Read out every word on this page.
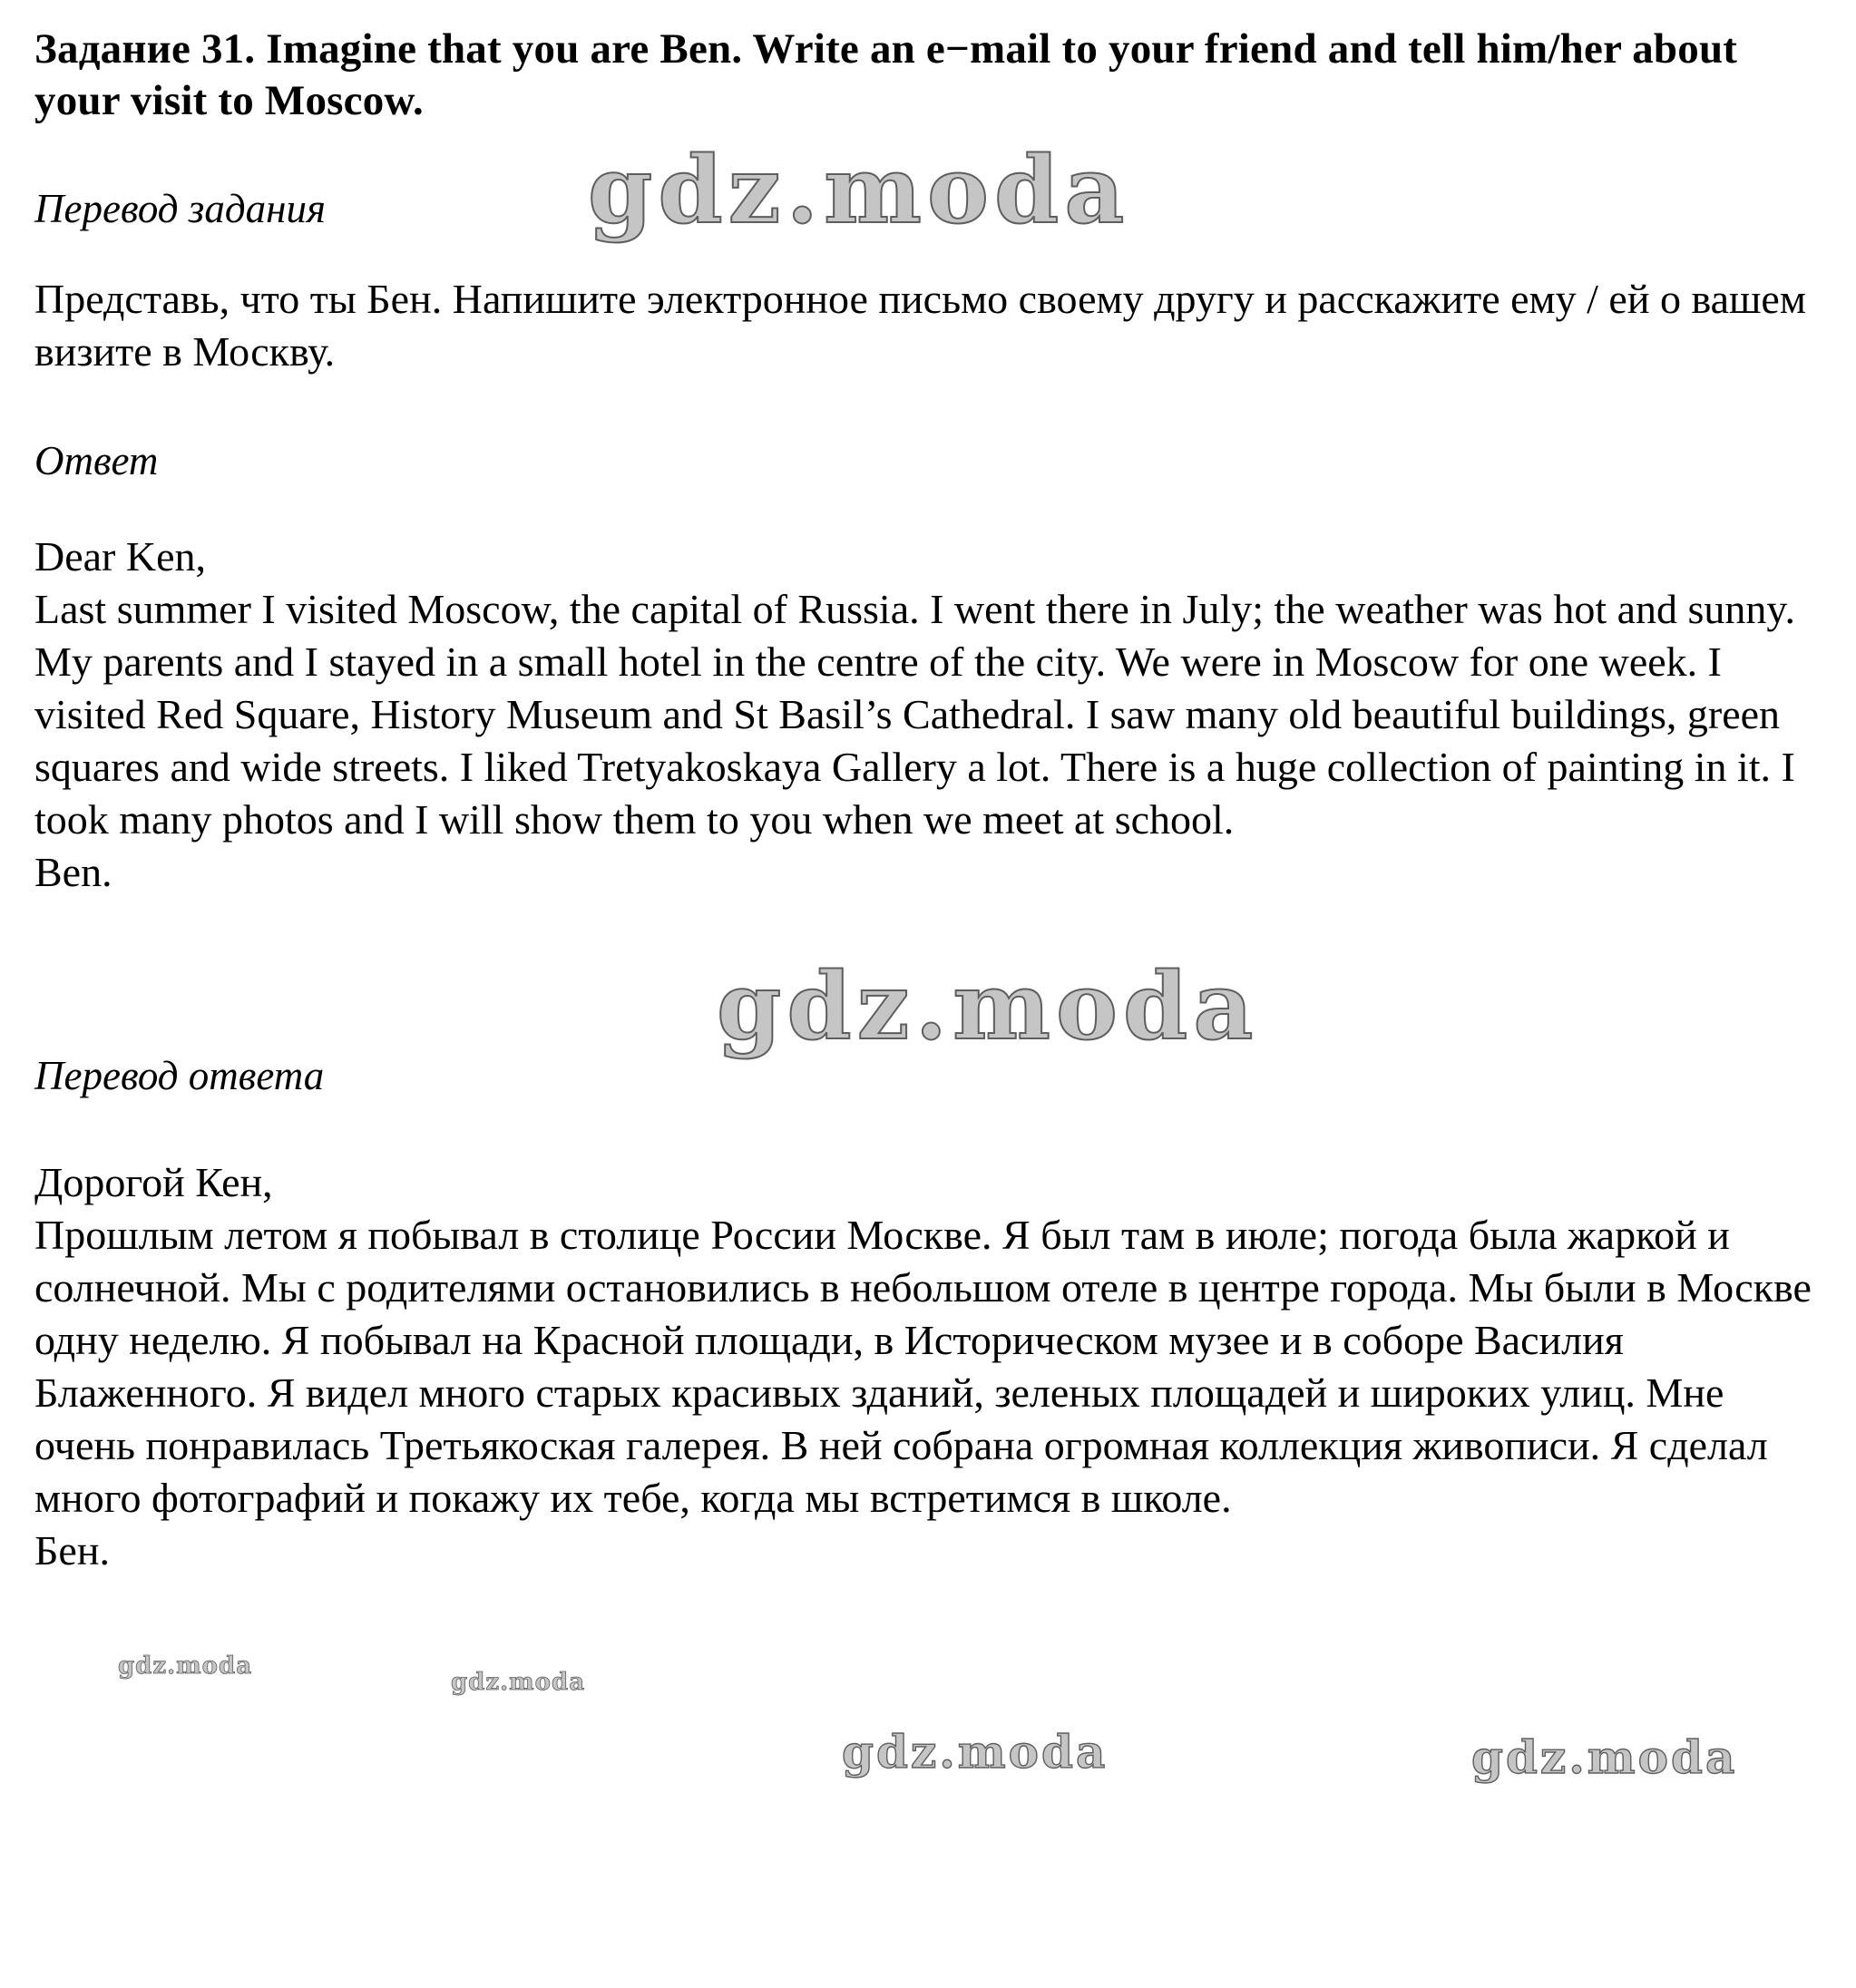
Задание 31. Imagine that you are Ben. Write an e−mail to your friend and tell him/her about your visit to Moscow.
Перевод задания
Представь, что ты Бен. Напишите электронное письмо своему другу и расскажите ему / ей о вашем визите в Москву.
Ответ
Dear Ken,
Last summer I visited Moscow, the capital of Russia. I went there in July; the weather was hot and sunny. My parents and I stayed in a small hotel in the centre of the city. We were in Moscow for one week. I visited Red Square, History Museum and St Basil’s Cathedral. I saw many old beautiful buildings, green squares and wide streets. I liked Tretyakoskaya Gallery a lot. There is a huge collection of painting in it. I took many photos and I will show them to you when we meet at school.
Ben.
Перевод ответа
Дорогой Кен,
Прошлым летом я побывал в столице России Москве. Я был там в июле; погода была жаркой и солнечной. Мы с родителями остановились в небольшом отеле в центре города. Мы были в Москве одну неделю. Я побывал на Красной площади, в Историческом музее и в соборе Василия Блаженного. Я видел много старых красивых зданий, зеленых площадей и широких улиц. Мне очень понравилась Третьякоская галерея. В ней собрана огромная коллекция живописи. Я сделал много фотографий и покажу их тебе, когда мы встретимся в школе.
Бен.
gdz.moda
gdz.moda
gdz.moda
gdz.moda
gdz.moda	gdz.moda
